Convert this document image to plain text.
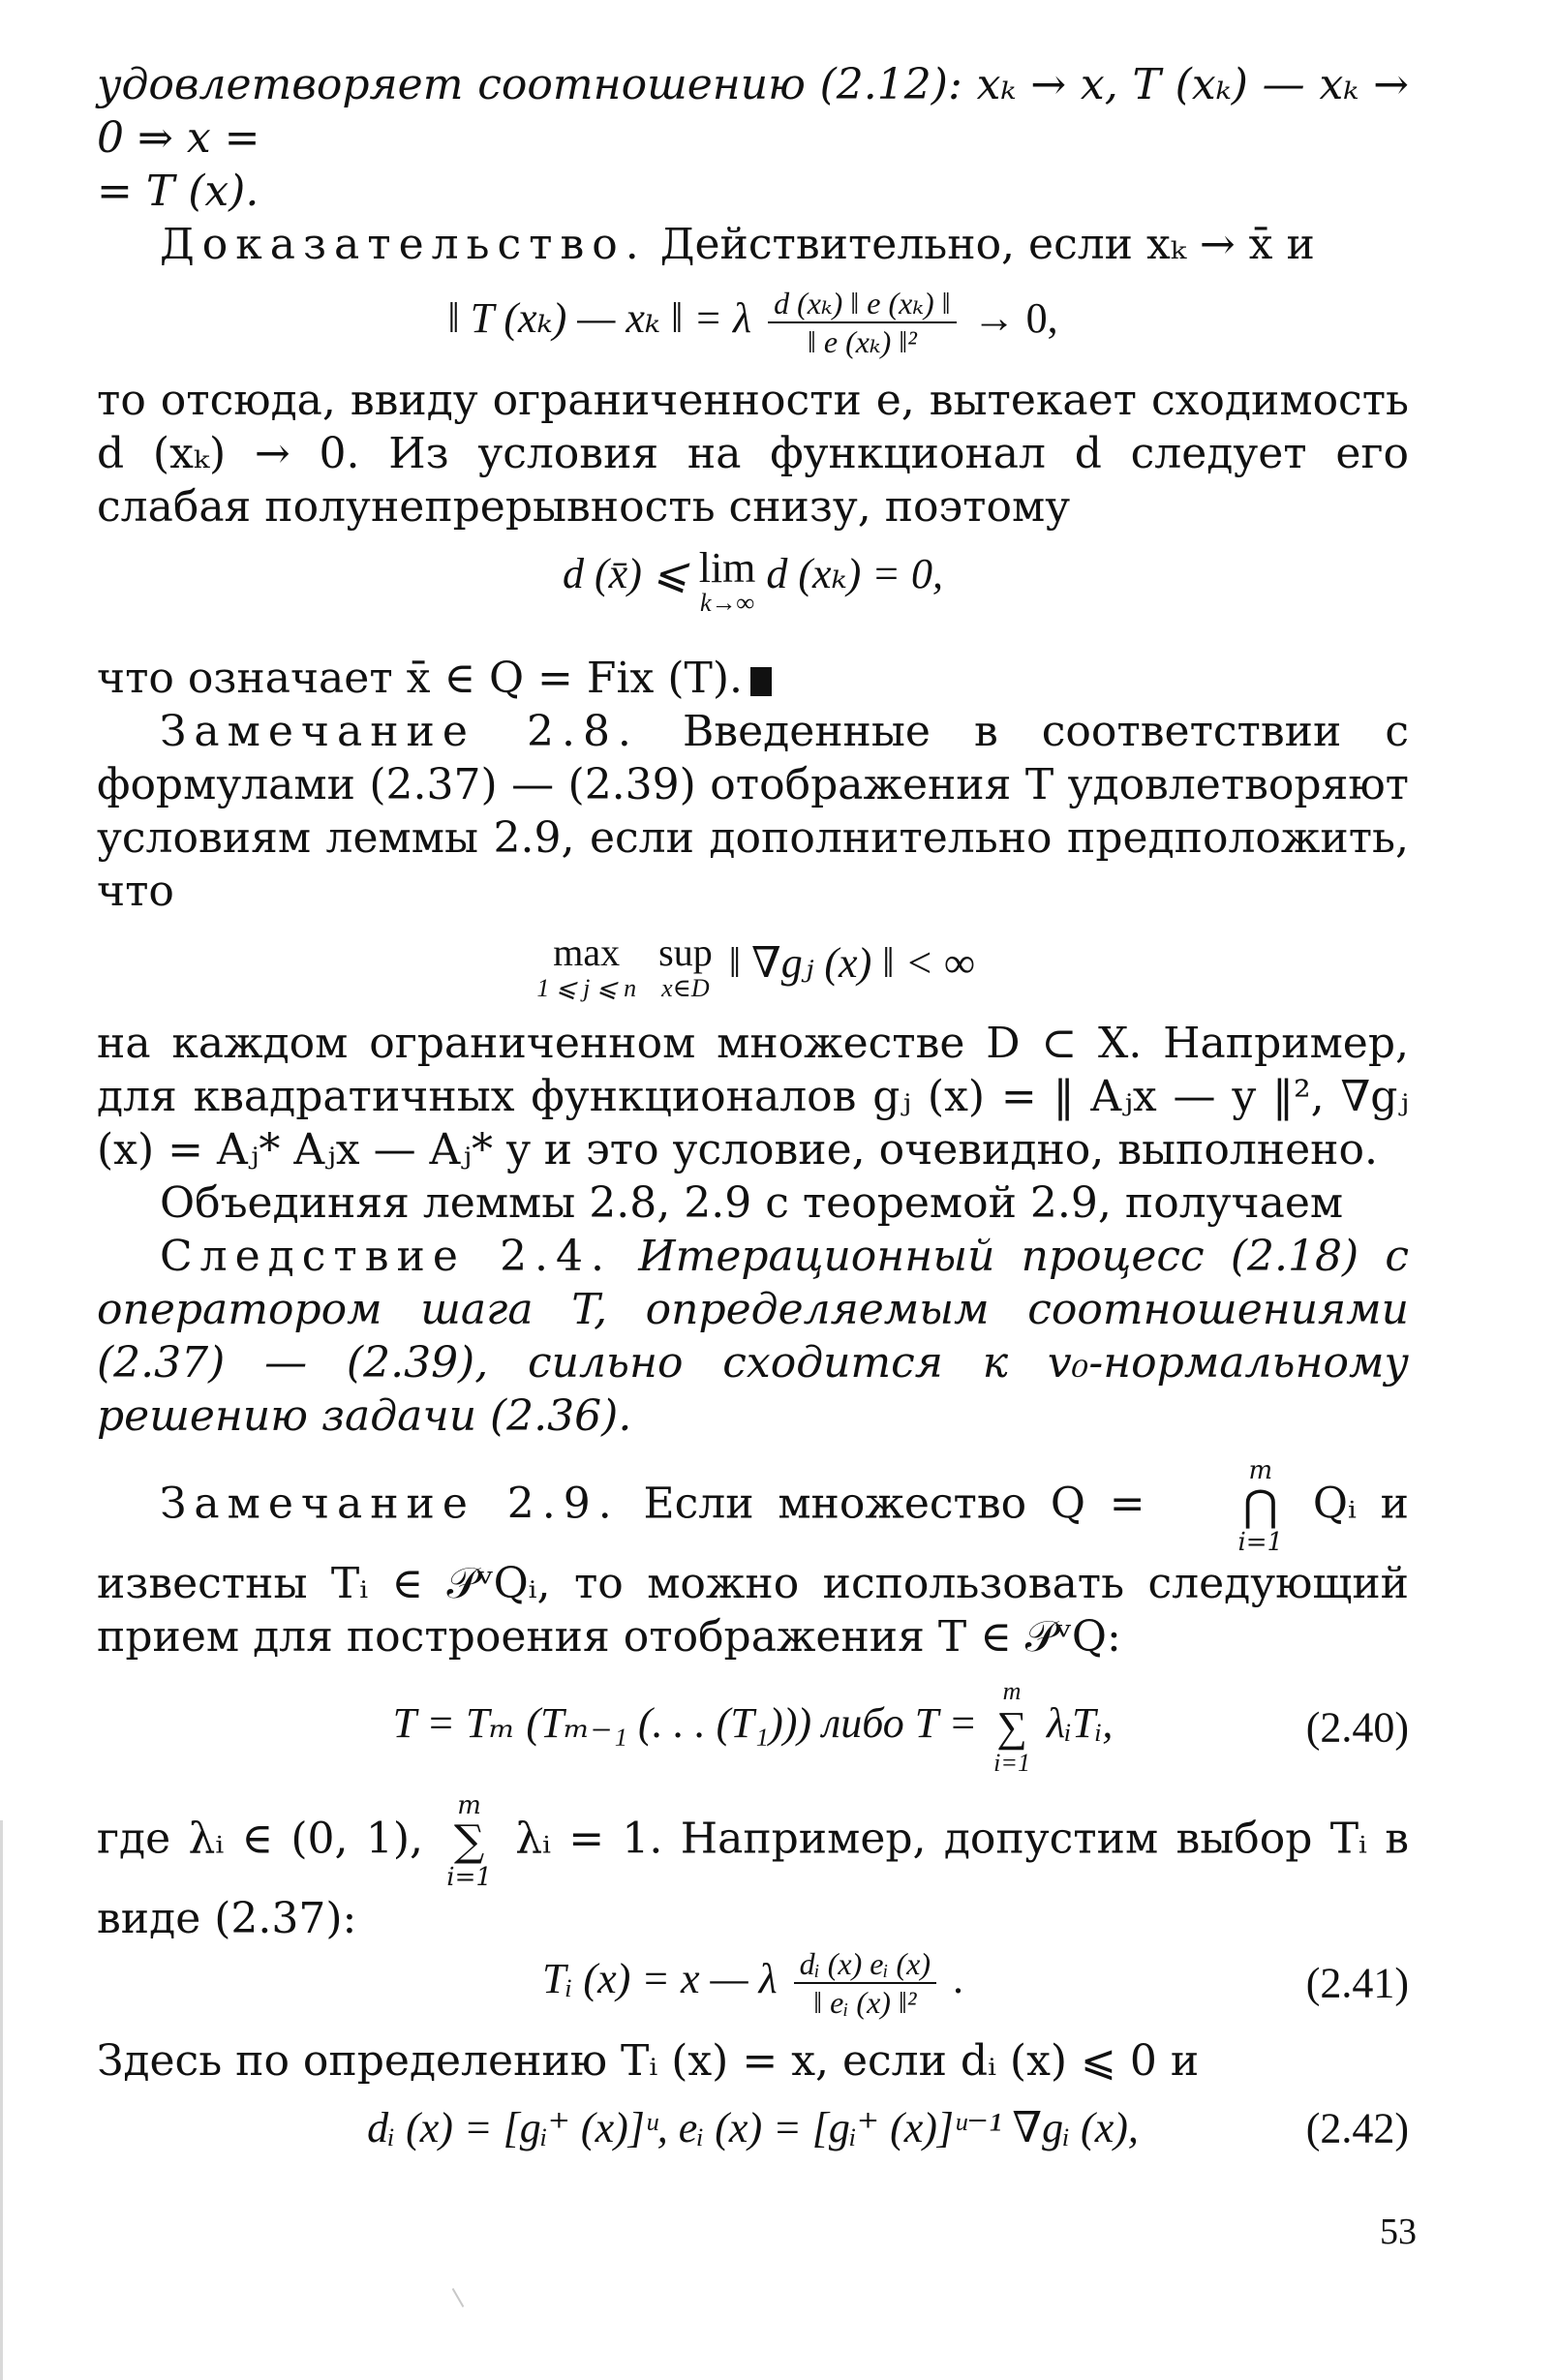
удовлетворяет соотношению (2.12): xₖ → x, T (xₖ) — xₖ → 0 ⇒ x =
= T (x).

Доказательство. Действительно, если xₖ → x̄ и

‖ T (xₖ) — xₖ ‖ = λ $\frac{\text{d (xₖ) ‖ e (xₖ) ‖}}{\text{‖ e (xₖ) ‖²}} \to 0$,

то отсюда, ввиду ограниченности e, вытекает сходимость d (xₖ) → 0. Из условия на функционал d следует его слабая полунепрерывность снизу, поэтому

d (x̄) ⩽ lim
k→∞
d (xₖ) = 0,

что означает x̄ ∈ Q = Fix (T).

Замечание 2.8. Введенные в соответствии с формулами (2.37) — (2.39) отображения T удовлетворяют условиям леммы 2.9, если дополнительно предположить, что

max
1 ⩽ j ⩽ n

sup
x∈D
‖ ∇gⱼ (x) ‖ < ∞

на каждом ограниченном множестве D ⊂ X. Например, для квадратичных функционалов gⱼ (x) = ‖ Aⱼx — y ‖², ∇gⱼ (x) = Aⱼ* Aⱼx — Aⱼ* y и это условие, очевидно, выполнено.

Объединяя леммы 2.8, 2.9 с теоремой 2.9, получаем

Следствие 2.4. Итерационный процесс (2.18) с оператором шага T, определяемым соотношениями (2.37) — (2.39), сильно сходится к v₀-нормальному решению задачи (2.36).

Замечание 2.9. Если множество Q =
m
⋂
i=1
Qᵢ и известны Tᵢ ∈ 𝒫ᵛQᵢ, то можно использовать следующий прием для построения отображения T ∈ 𝒫ᵛQ:

T = Tₘ (Tₘ₋₁ (. . . (T₁))) либо T =
m
∑
i=1
λᵢTᵢ,	(2.40)

где λᵢ ∈ (0, 1),
m
∑
i=1
λᵢ = 1. Например, допустим выбор Tᵢ в виде (2.37):

Tᵢ (x) = x — λ $\frac{\text{dᵢ (x) eᵢ (x)}}{\text{‖ eᵢ (x) ‖²}}$ .	(2.41)

Здесь по определению Tᵢ (x) = x, если dᵢ (x) ⩽ 0 и

dᵢ (x) = [gᵢ⁺ (x)]ᵘ, eᵢ (x) = [gᵢ⁺ (x)]ᵘ⁻¹ ∇gᵢ (x),	(2.42)
53
